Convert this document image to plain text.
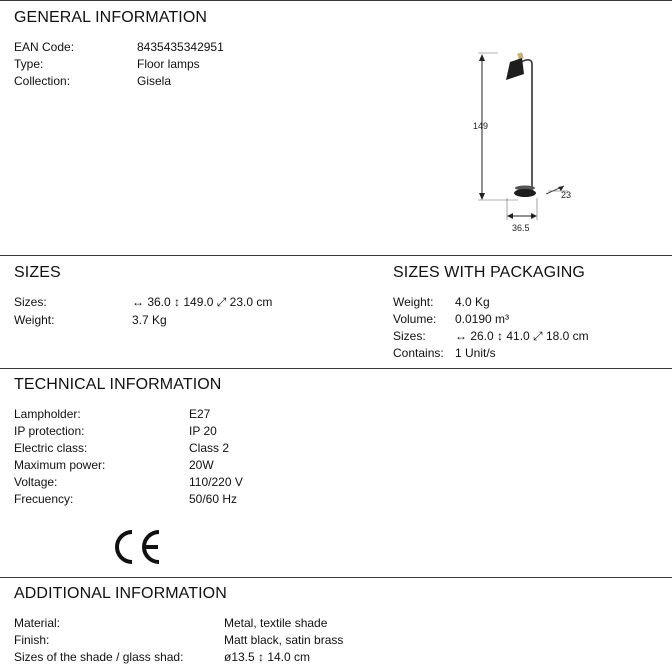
GENERAL INFORMATION
EAN Code:	8435435342951
Type:	Floor lamps
Collection:	Gisela
149
23
36.5
SIZES
Sizes:	↔ 36.0 ↕ 149.0 ⤢ 23.0 cm
Weight:	3.7 Kg
SIZES WITH PACKAGING
Weight: 4.0 Kg
Volume: 0.0190 m³
Sizes: ↔ 26.0 ↕ 41.0 ⤢ 18.0 cm
Contains: 1 Unit/s
TECHNICAL INFORMATION
Lampholder:	E27
IP protection:	IP 20
Electric class:	Class 2
Maximum power:	20W
Voltage:	110/220 V
Frecuency:	50/60 Hz
ADDITIONAL INFORMATION
Material:	Metal, textile shade
Finish:	Matt black, satin brass
Sizes of the shade / glass shad:	ø13.5 ↕ 14.0 cm
